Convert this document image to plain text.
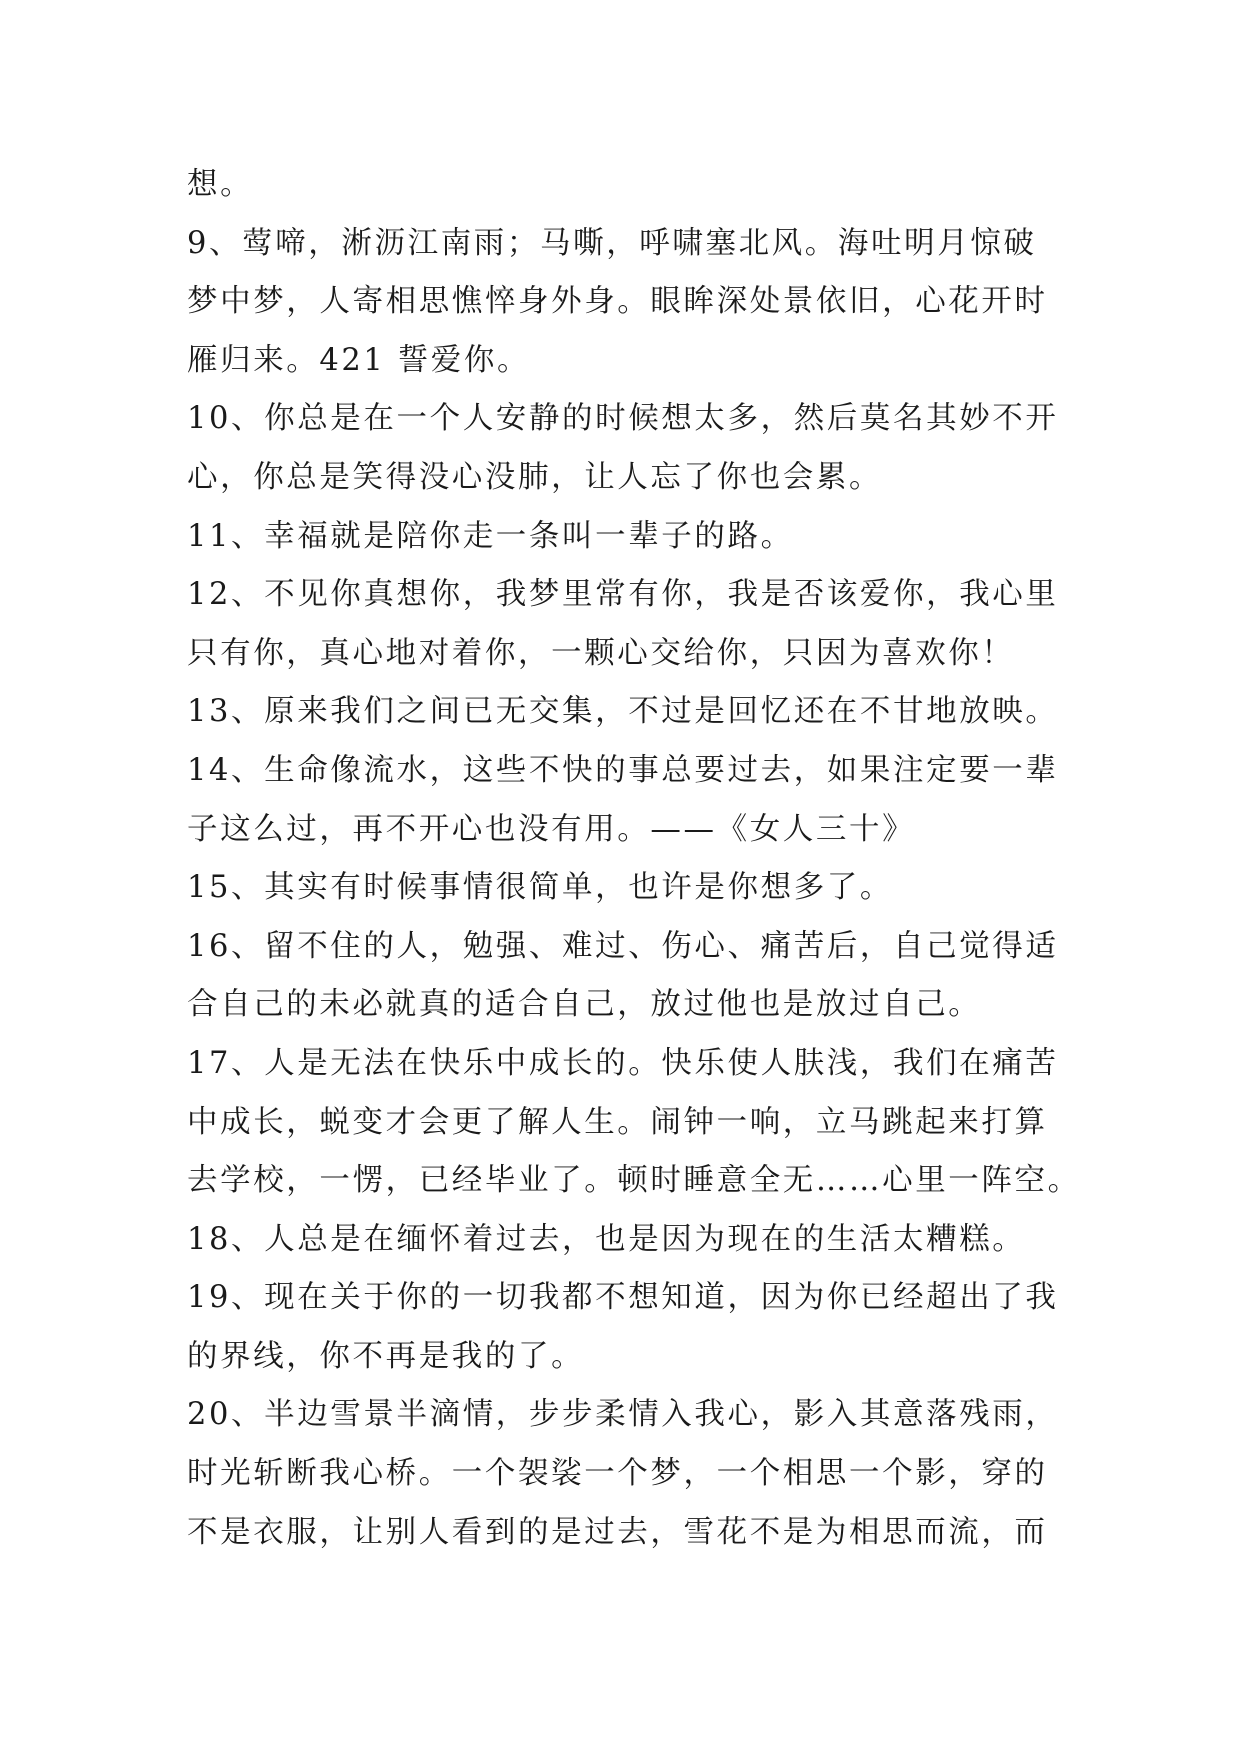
想。
9、莺啼，淅沥江南雨；马嘶，呼啸塞北风。海吐明月惊破
梦中梦，人寄相思憔悴身外身。眼眸深处景依旧，心花开时
雁归来。421 誓爱你。
10、你总是在一个人安静的时候想太多，然后莫名其妙不开
心，你总是笑得没心没肺，让人忘了你也会累。
11、幸福就是陪你走一条叫一辈子的路。
12、不见你真想你，我梦里常有你，我是否该爱你，我心里
只有你，真心地对着你，一颗心交给你，只因为喜欢你！
13、原来我们之间已无交集，不过是回忆还在不甘地放映。
14、生命像流水，这些不快的事总要过去，如果注定要一辈
子这么过，再不开心也没有用。——《女人三十》
15、其实有时候事情很简单，也许是你想多了。
16、留不住的人，勉强、难过、伤心、痛苦后，自己觉得适
合自己的未必就真的适合自己，放过他也是放过自己。
17、人是无法在快乐中成长的。快乐使人肤浅，我们在痛苦
中成长，蜕变才会更了解人生。闹钟一响，立马跳起来打算
去学校，一愣，已经毕业了。顿时睡意全无……心里一阵空。
18、人总是在缅怀着过去，也是因为现在的生活太糟糕。
19、现在关于你的一切我都不想知道，因为你已经超出了我
的界线，你不再是我的了。
20、半边雪景半滴情，步步柔情入我心，影入其意落残雨，
时光斩断我心桥。一个袈裟一个梦，一个相思一个影，穿的
不是衣服，让别人看到的是过去，雪花不是为相思而流，而
